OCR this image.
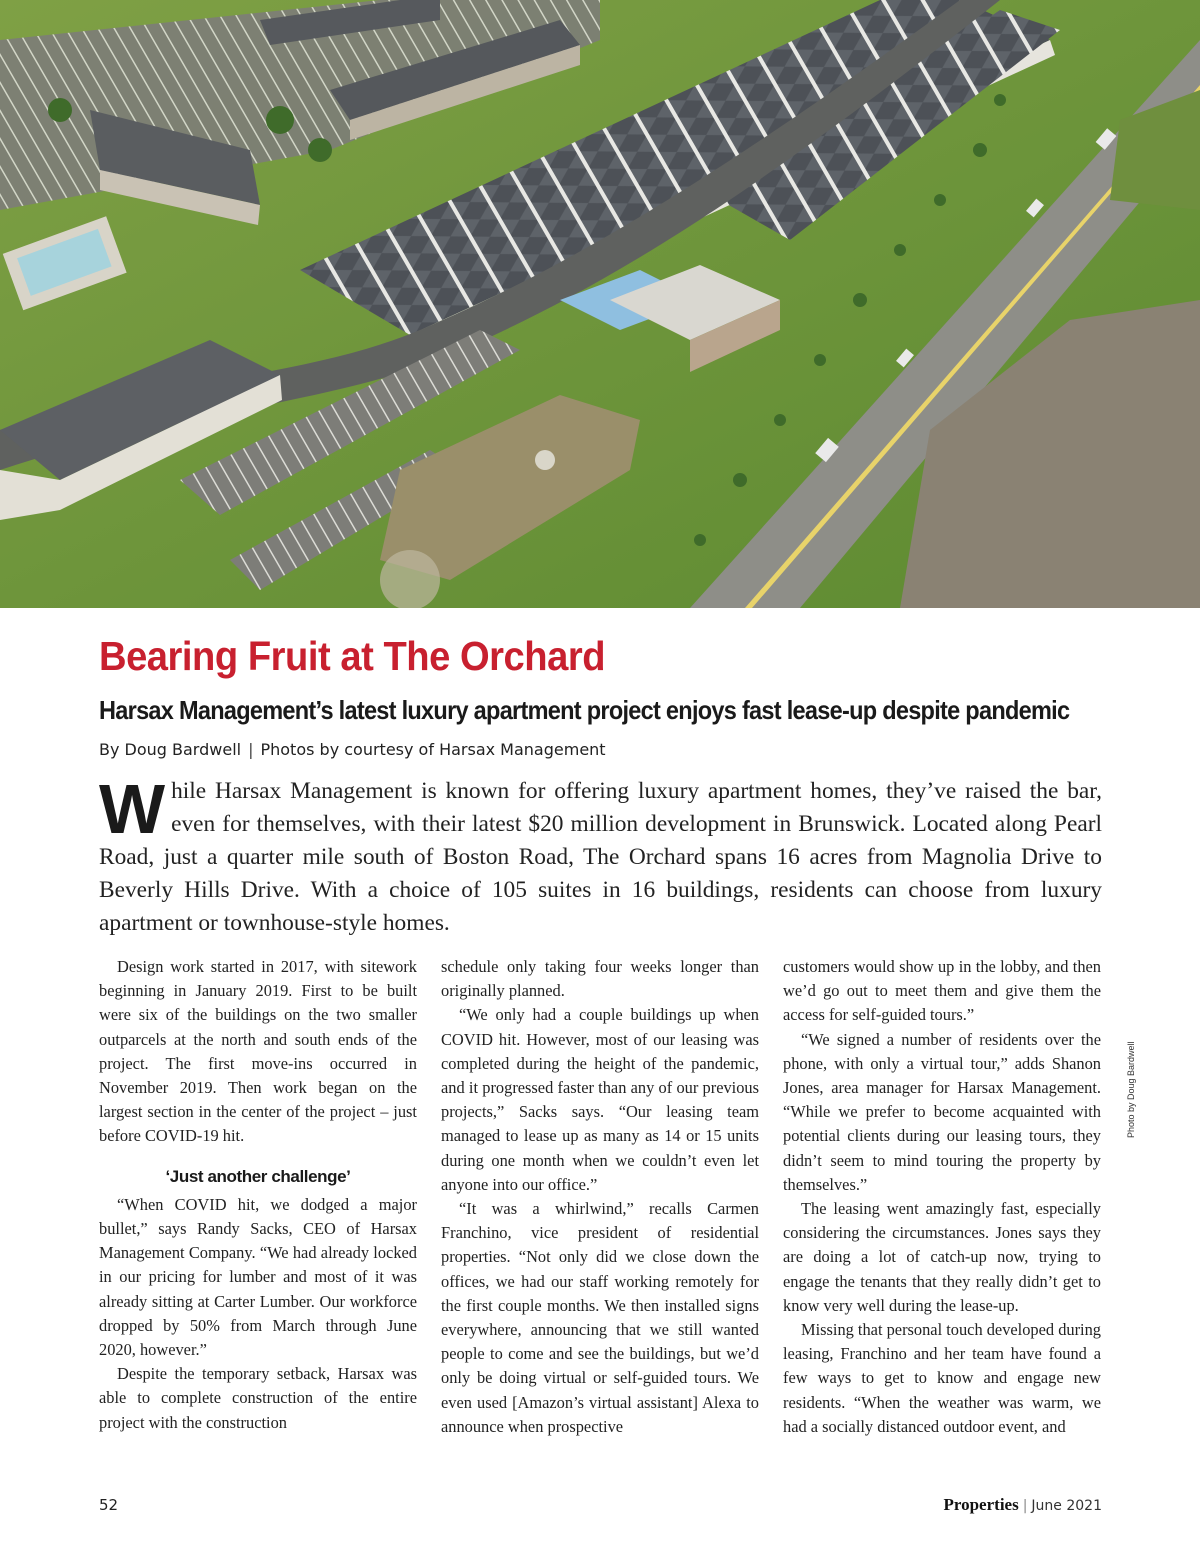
Bearing Fruit at The Orchard
Harsax Management’s latest luxury apartment project enjoys fast lease-up despite pandemic
By Doug Bardwell | Photos by courtesy of Harsax Management

While Harsax Management is known for offering luxury apartment homes, they’ve raised the bar, even for themselves, with their latest $20 million development in Brunswick. Located along Pearl Road, just a quarter mile south of Boston Road, The Orchard spans 16 acres from Magnolia Drive to Beverly Hills Drive. With a choice of 105 suites in 16 buildings, residents can choose from luxury apartment or townhouse-style homes.

Design work started in 2017, with sitework beginning in January 2019. First to be built were six of the buildings on the two smaller outparcels at the north and south ends of the project. The first move-ins occurred in November 2019. Then work began on the largest section in the center of the project – just before COVID-19 hit.

‘Just another challenge’

“When COVID hit, we dodged a major bullet,” says Randy Sacks, CEO of Harsax Management Company. “We had already locked in our pricing for lumber and most of it was already sitting at Carter Lumber. Our workforce dropped by 50% from March through June 2020, however.”

Despite the temporary setback, Harsax was able to complete construction of the entire project with the construction

schedule only taking four weeks longer than originally planned.

“We only had a couple buildings up when COVID hit. However, most of our leasing was completed during the height of the pandemic, and it progressed faster than any of our previous projects,” Sacks says. “Our leasing team managed to lease up as many as 14 or 15 units during one month when we couldn’t even let anyone into our office.”

“It was a whirlwind,” recalls Carmen Franchino, vice president of residential properties. “Not only did we close down the offices, we had our staff working remotely for the first couple months. We then installed signs everywhere, announcing that we still wanted people to come and see the buildings, but we’d only be doing virtual or self-guided tours. We even used [Amazon’s virtual assistant] Alexa to announce when prospective

customers would show up in the lobby, and then we’d go out to meet them and give them the access for self-guided tours.”

“We signed a number of residents over the phone, with only a virtual tour,” adds Shanon Jones, area manager for Harsax Management. “While we prefer to become acquainted with potential clients during our leasing tours, they didn’t seem to mind touring the property by themselves.”

The leasing went amazingly fast, especially considering the circumstances. Jones says they are doing a lot of catch-up now, trying to engage the tenants that they really didn’t get to know very well during the lease-up.

Missing that personal touch developed during leasing, Franchino and her team have found a few ways to get to know and engage new residents. “When the weather was warm, we had a socially distanced outdoor event, and

Photo by Doug Bardwell
52	Properties | June 2021
